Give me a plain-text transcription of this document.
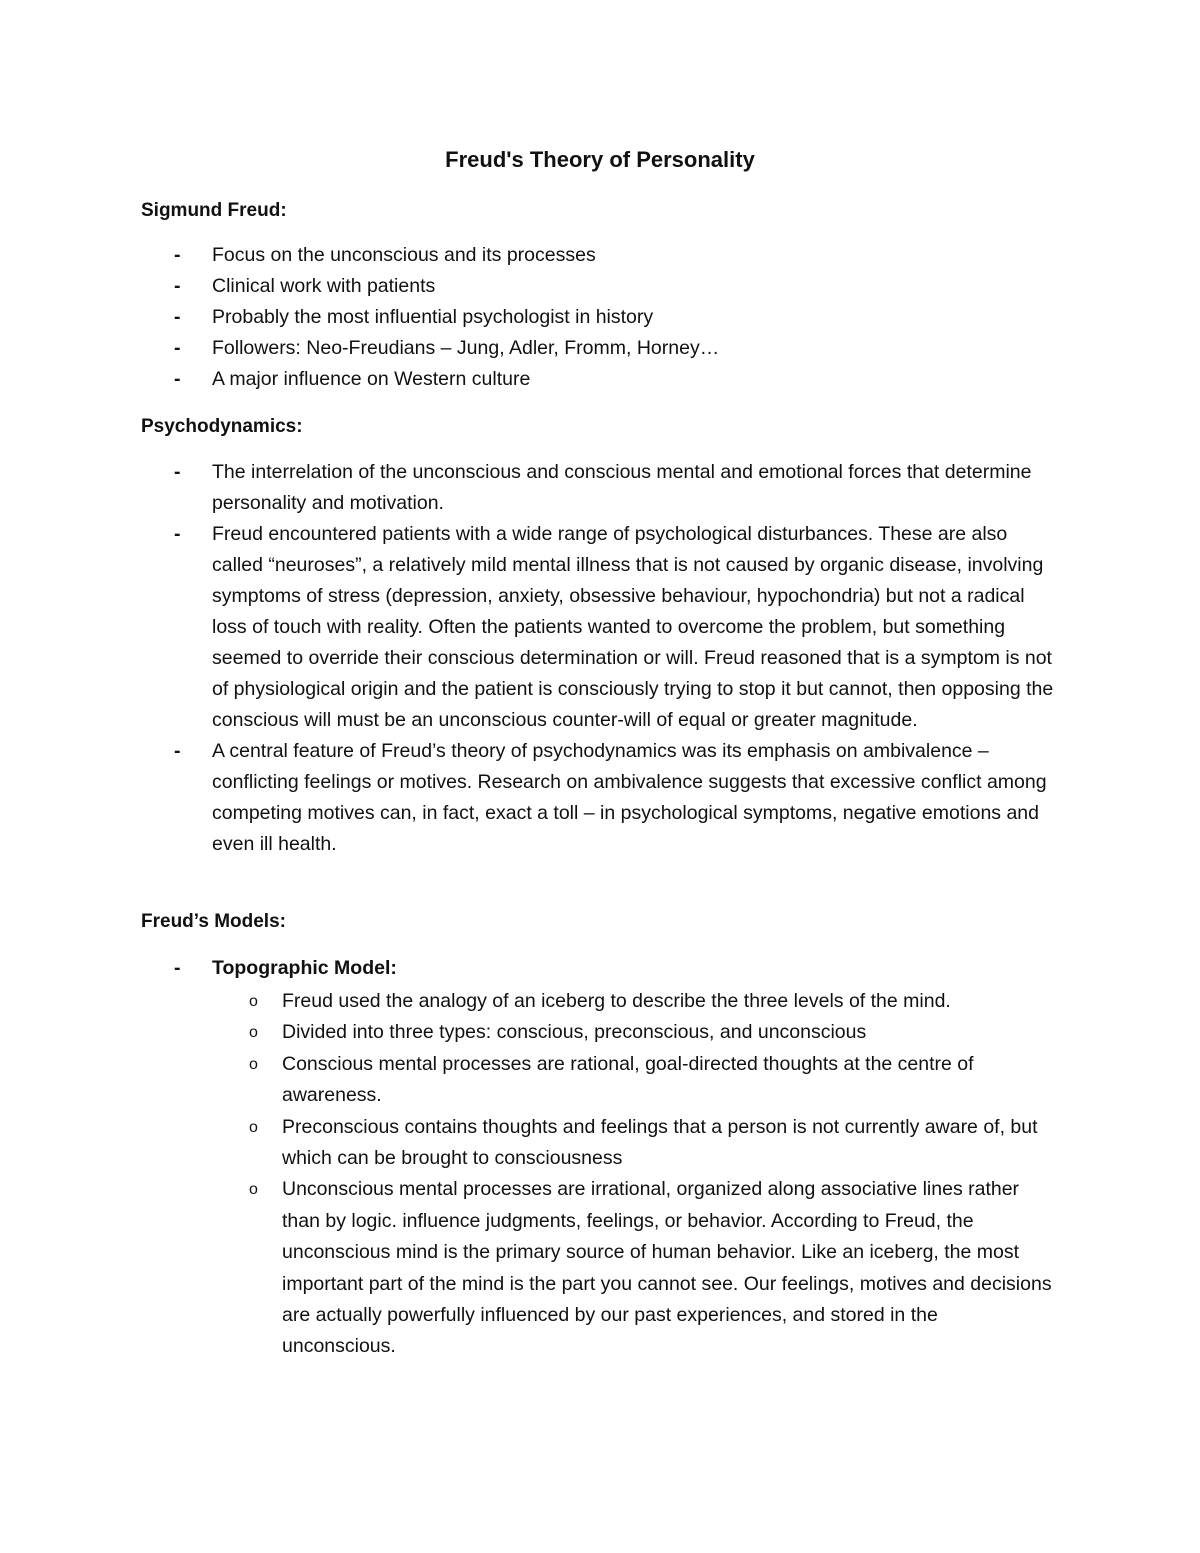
Freud's Theory of Personality
Sigmund Freud:
- Focus on the unconscious and its processes
- Clinical work with patients
- Probably the most influential psychologist in history
- Followers: Neo-Freudians – Jung, Adler, Fromm, Horney…
- A major influence on Western culture
Psychodynamics:
- The interrelation of the unconscious and conscious mental and emotional forces that determine personality and motivation.
- Freud encountered patients with a wide range of psychological disturbances. These are also called “neuroses”, a relatively mild mental illness that is not caused by organic disease, involving symptoms of stress (depression, anxiety, obsessive behaviour, hypochondria) but not a radical loss of touch with reality. Often the patients wanted to overcome the problem, but something seemed to override their conscious determination or will. Freud reasoned that is a symptom is not of physiological origin and the patient is consciously trying to stop it but cannot, then opposing the conscious will must be an unconscious counter-will of equal or greater magnitude.
- A central feature of Freud’s theory of psychodynamics was its emphasis on ambivalence – conflicting feelings or motives. Research on ambivalence suggests that excessive conflict among competing motives can, in fact, exact a toll – in psychological symptoms, negative emotions and even ill health.
Freud’s Models:
- Topographic Model:
o Freud used the analogy of an iceberg to describe the three levels of the mind.
o Divided into three types: conscious, preconscious, and unconscious
o Conscious mental processes are rational, goal-directed thoughts at the centre of awareness.
o Preconscious contains thoughts and feelings that a person is not currently aware of, but which can be brought to consciousness
o Unconscious mental processes are irrational, organized along associative lines rather than by logic. influence judgments, feelings, or behavior. According to Freud, the unconscious mind is the primary source of human behavior. Like an iceberg, the most important part of the mind is the part you cannot see. Our feelings, motives and decisions are actually powerfully influenced by our past experiences, and stored in the unconscious.
